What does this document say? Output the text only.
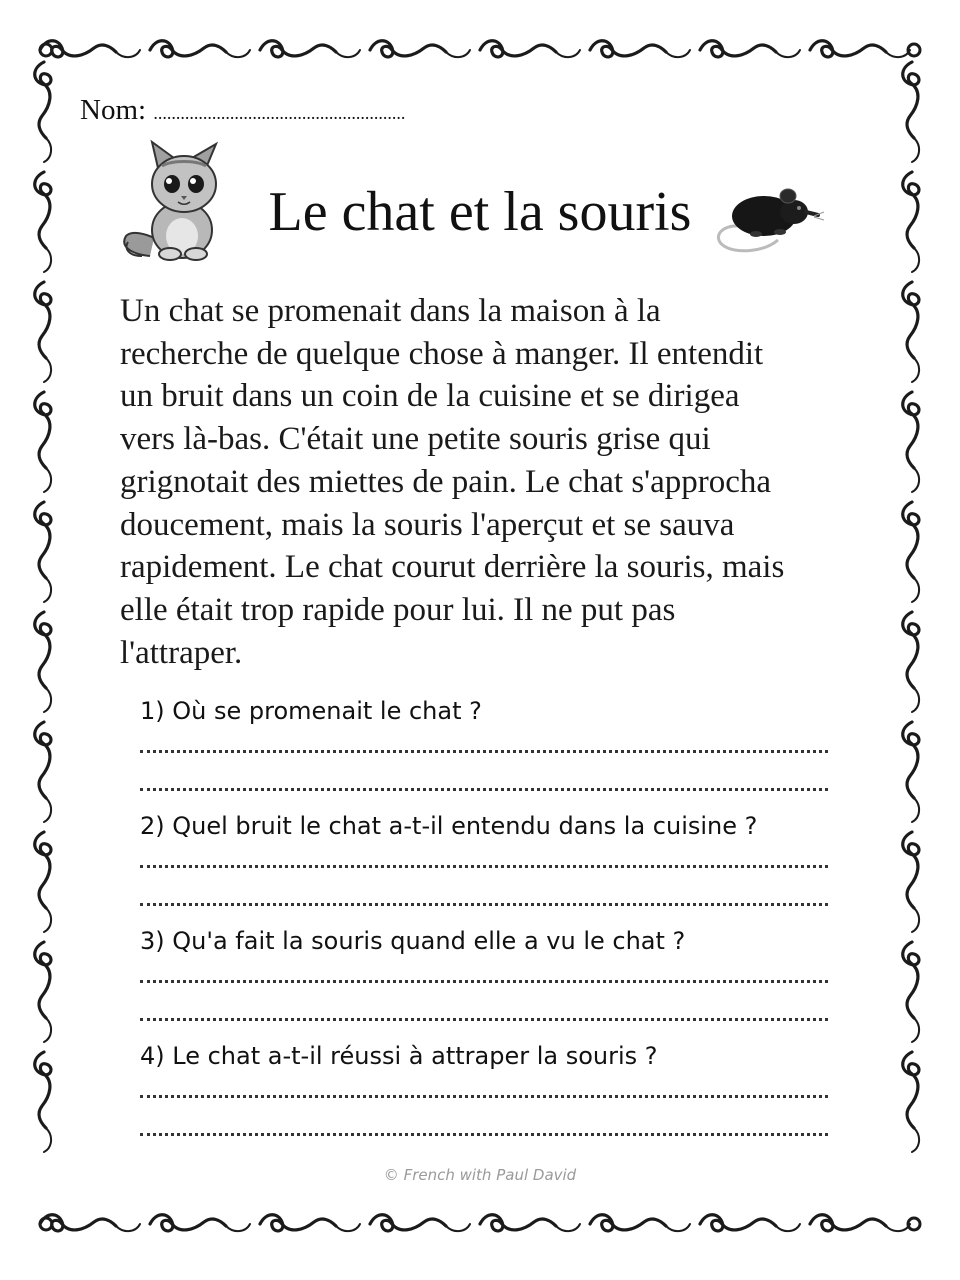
Nom: ........................................................
Le chat et la souris
Un chat se promenait dans la maison à la
recherche de quelque chose à manger. Il entendit
un bruit dans un coin de la cuisine et se dirigea
vers là-bas. C'était une petite souris grise qui
grignotait des miettes de pain. Le chat s'approcha
doucement, mais la souris l'aperçut et se sauva
rapidement. Le chat courut derrière la souris, mais
elle était trop rapide pour lui. Il ne put pas
l'attraper.
1) Où se promenait le chat ?
2) Quel bruit le chat a-t-il entendu dans la cuisine ?
3) Qu'a fait la souris quand elle a vu le chat ?
4) Le chat a-t-il réussi à attraper la souris ?
© French with Paul David
